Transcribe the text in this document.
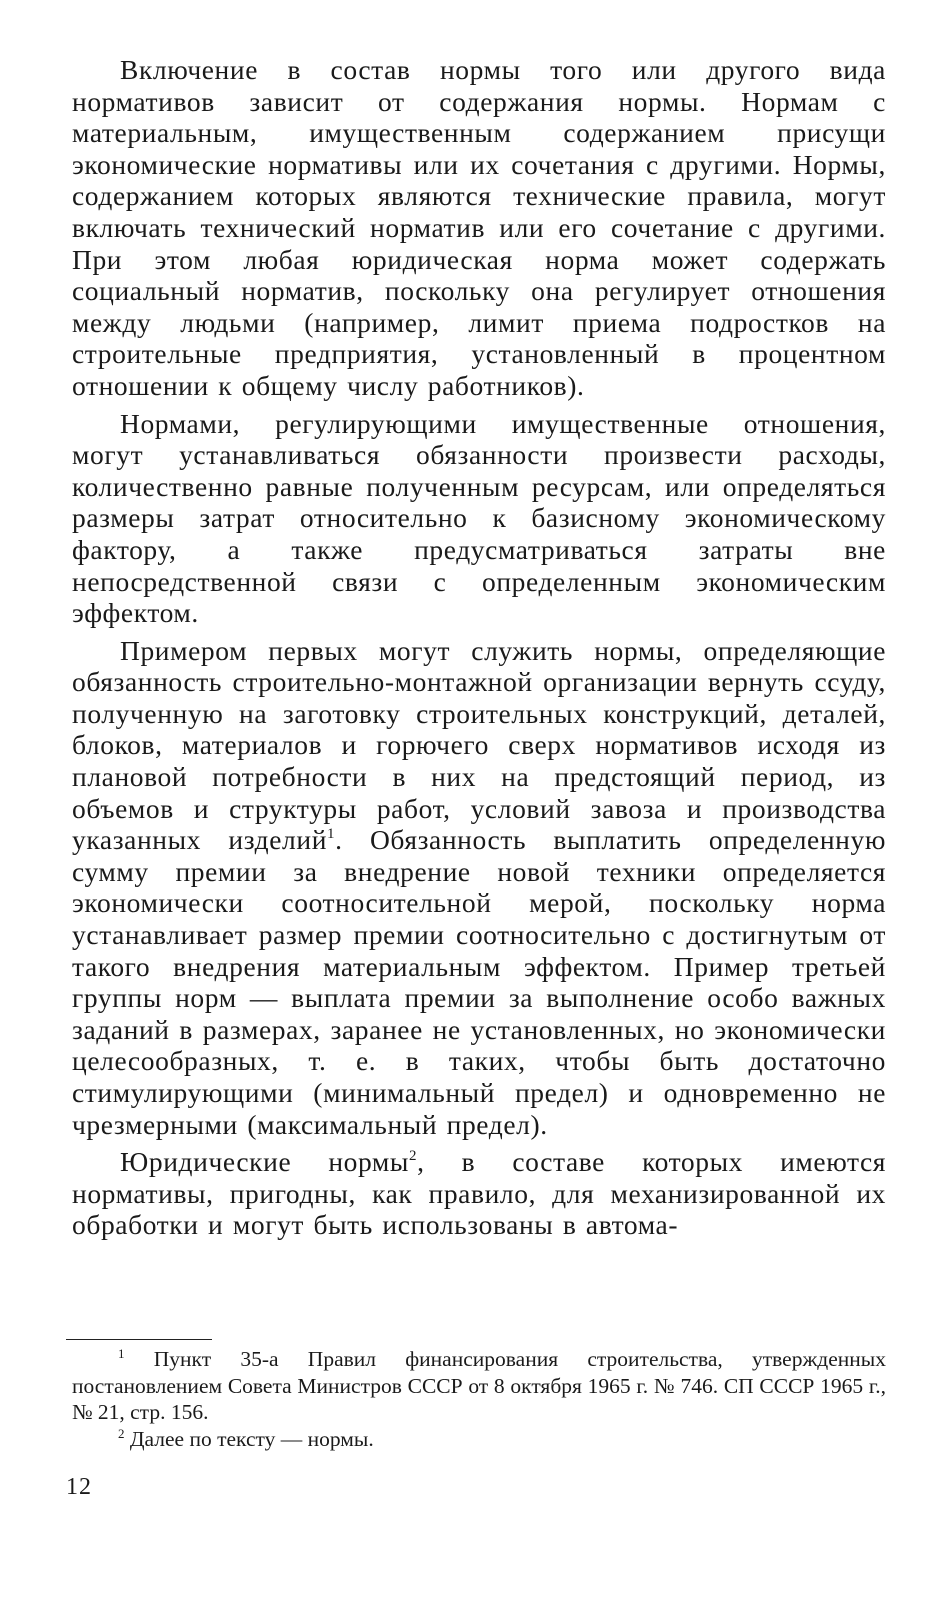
Включение в состав нормы того или другого вида нормативов зависит от содержания нормы. Нормам с материальным, имущественным содержанием присущи экономические нормативы или их сочетания с другими. Нормы, содержанием которых являются технические правила, могут включать технический норматив или его сочетание с другими. При этом любая юридическая норма может содержать социальный норматив, поскольку она регулирует отношения между людьми (например, лимит приема подростков на строительные предприятия, установленный в процентном отношении к общему числу работников).

Нормами, регулирующими имущественные отношения, могут устанавливаться обязанности произвести расходы, количественно равные полученным ресурсам, или определяться размеры затрат относительно к базисному экономическому фактору, а также предусматриваться затраты вне непосредственной связи с определенным экономическим эффектом.

Примером первых могут служить нормы, определяющие обязанность строительно-монтажной организации вернуть ссуду, полученную на заготовку строительных конструкций, деталей, блоков, материалов и горючего сверх нормативов исходя из плановой потребности в них на предстоящий период, из объемов и структуры работ, условий завоза и производства указанных изделий$^1$. Обязанность выплатить определенную сумму премии за внедрение новой техники определяется экономически соотносительной мерой, поскольку норма устанавливает размер премии соотносительно с достигнутым от такого внедрения материальным эффектом. Пример третьей группы норм — выплата премии за выполнение особо важных заданий в размерах, заранее не установленных, но экономически целесообразных, т. е. в таких, чтобы быть достаточно стимулирующими (минимальный предел) и одновременно не чрезмерными (максимальный предел).

Юридические нормы$^2$, в составе которых имеются нормативы, пригодны, как правило, для механизированной их обработки и могут быть использованы в автома-

$^1$ Пункт 35-а Правил финансирования строительства, утвержденных постановлением Совета Министров СССР от 8 октября 1965 г. № 746. СП СССР 1965 г., № 21, стр. 156.

$^2$ Далее по тексту — нормы.

12
